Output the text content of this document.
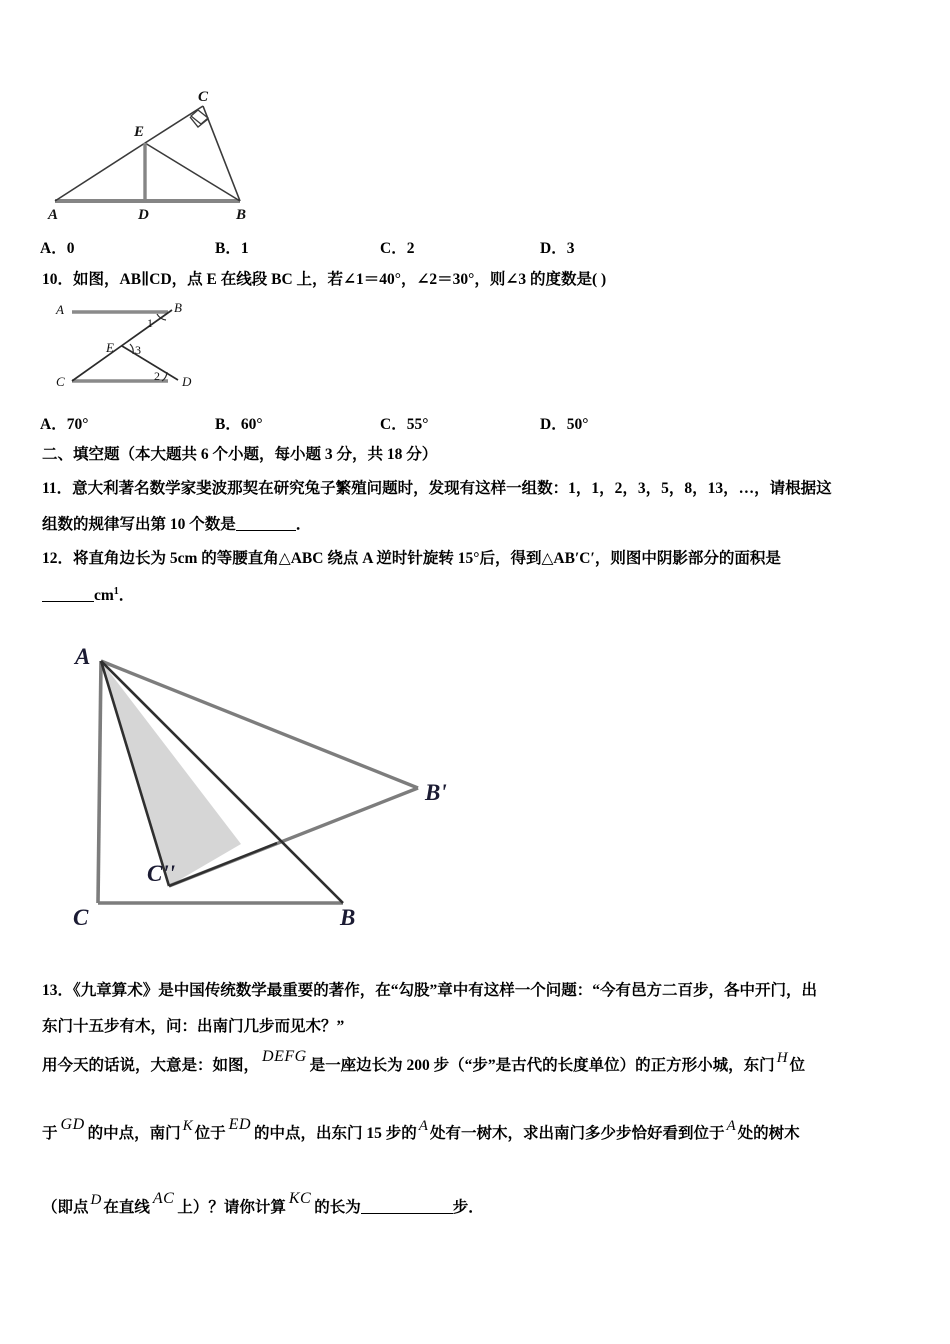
A	D	B
E
C
A．0	B．1	C．2	D．3
10．如图，AB∥CD，点 E 在线段 BC 上，若∠1＝40°，∠2＝30°，则∠3 的度数是( )
A	B
C	D
E
1
3
2
A．70°	B．60°	C．55°	D．50°
二、填空题（本大题共 6 个小题，每小题 3 分，共 18 分）
11．意大利著名数学家斐波那契在研究兔子繁殖问题时，发现有这样一组数：1，1，2，3，5，8，13，…，请根据这
组数的规律写出第 10 个数是	．
12．将直角边长为 5cm 的等腰直角△ABC 绕点 A 逆时针旋转 15°后，得到△AB′C′，则图中阴影部分的面积是
$cm^1$．
A
C	B
B'
C''
13．《九章算术》是中国传统数学最重要的著作，在“勾股”章中有这样一个问题：“今有邑方二百步，各中开门，出
东门十五步有木，问：出南门几步而见木？”
用今天的话说，大意是：如图，DEFG是一座边长为 200 步（“步”是古代的长度单位）的正方形小城，东门 H 位
于GD的中点，南门 K 位于ED的中点，出东门 15 步的 A 处有一树木，求出南门多少步恰好看到位于 A 处的树木
（即点 D 在直线AC上）？请你计算KC的长为	步．
